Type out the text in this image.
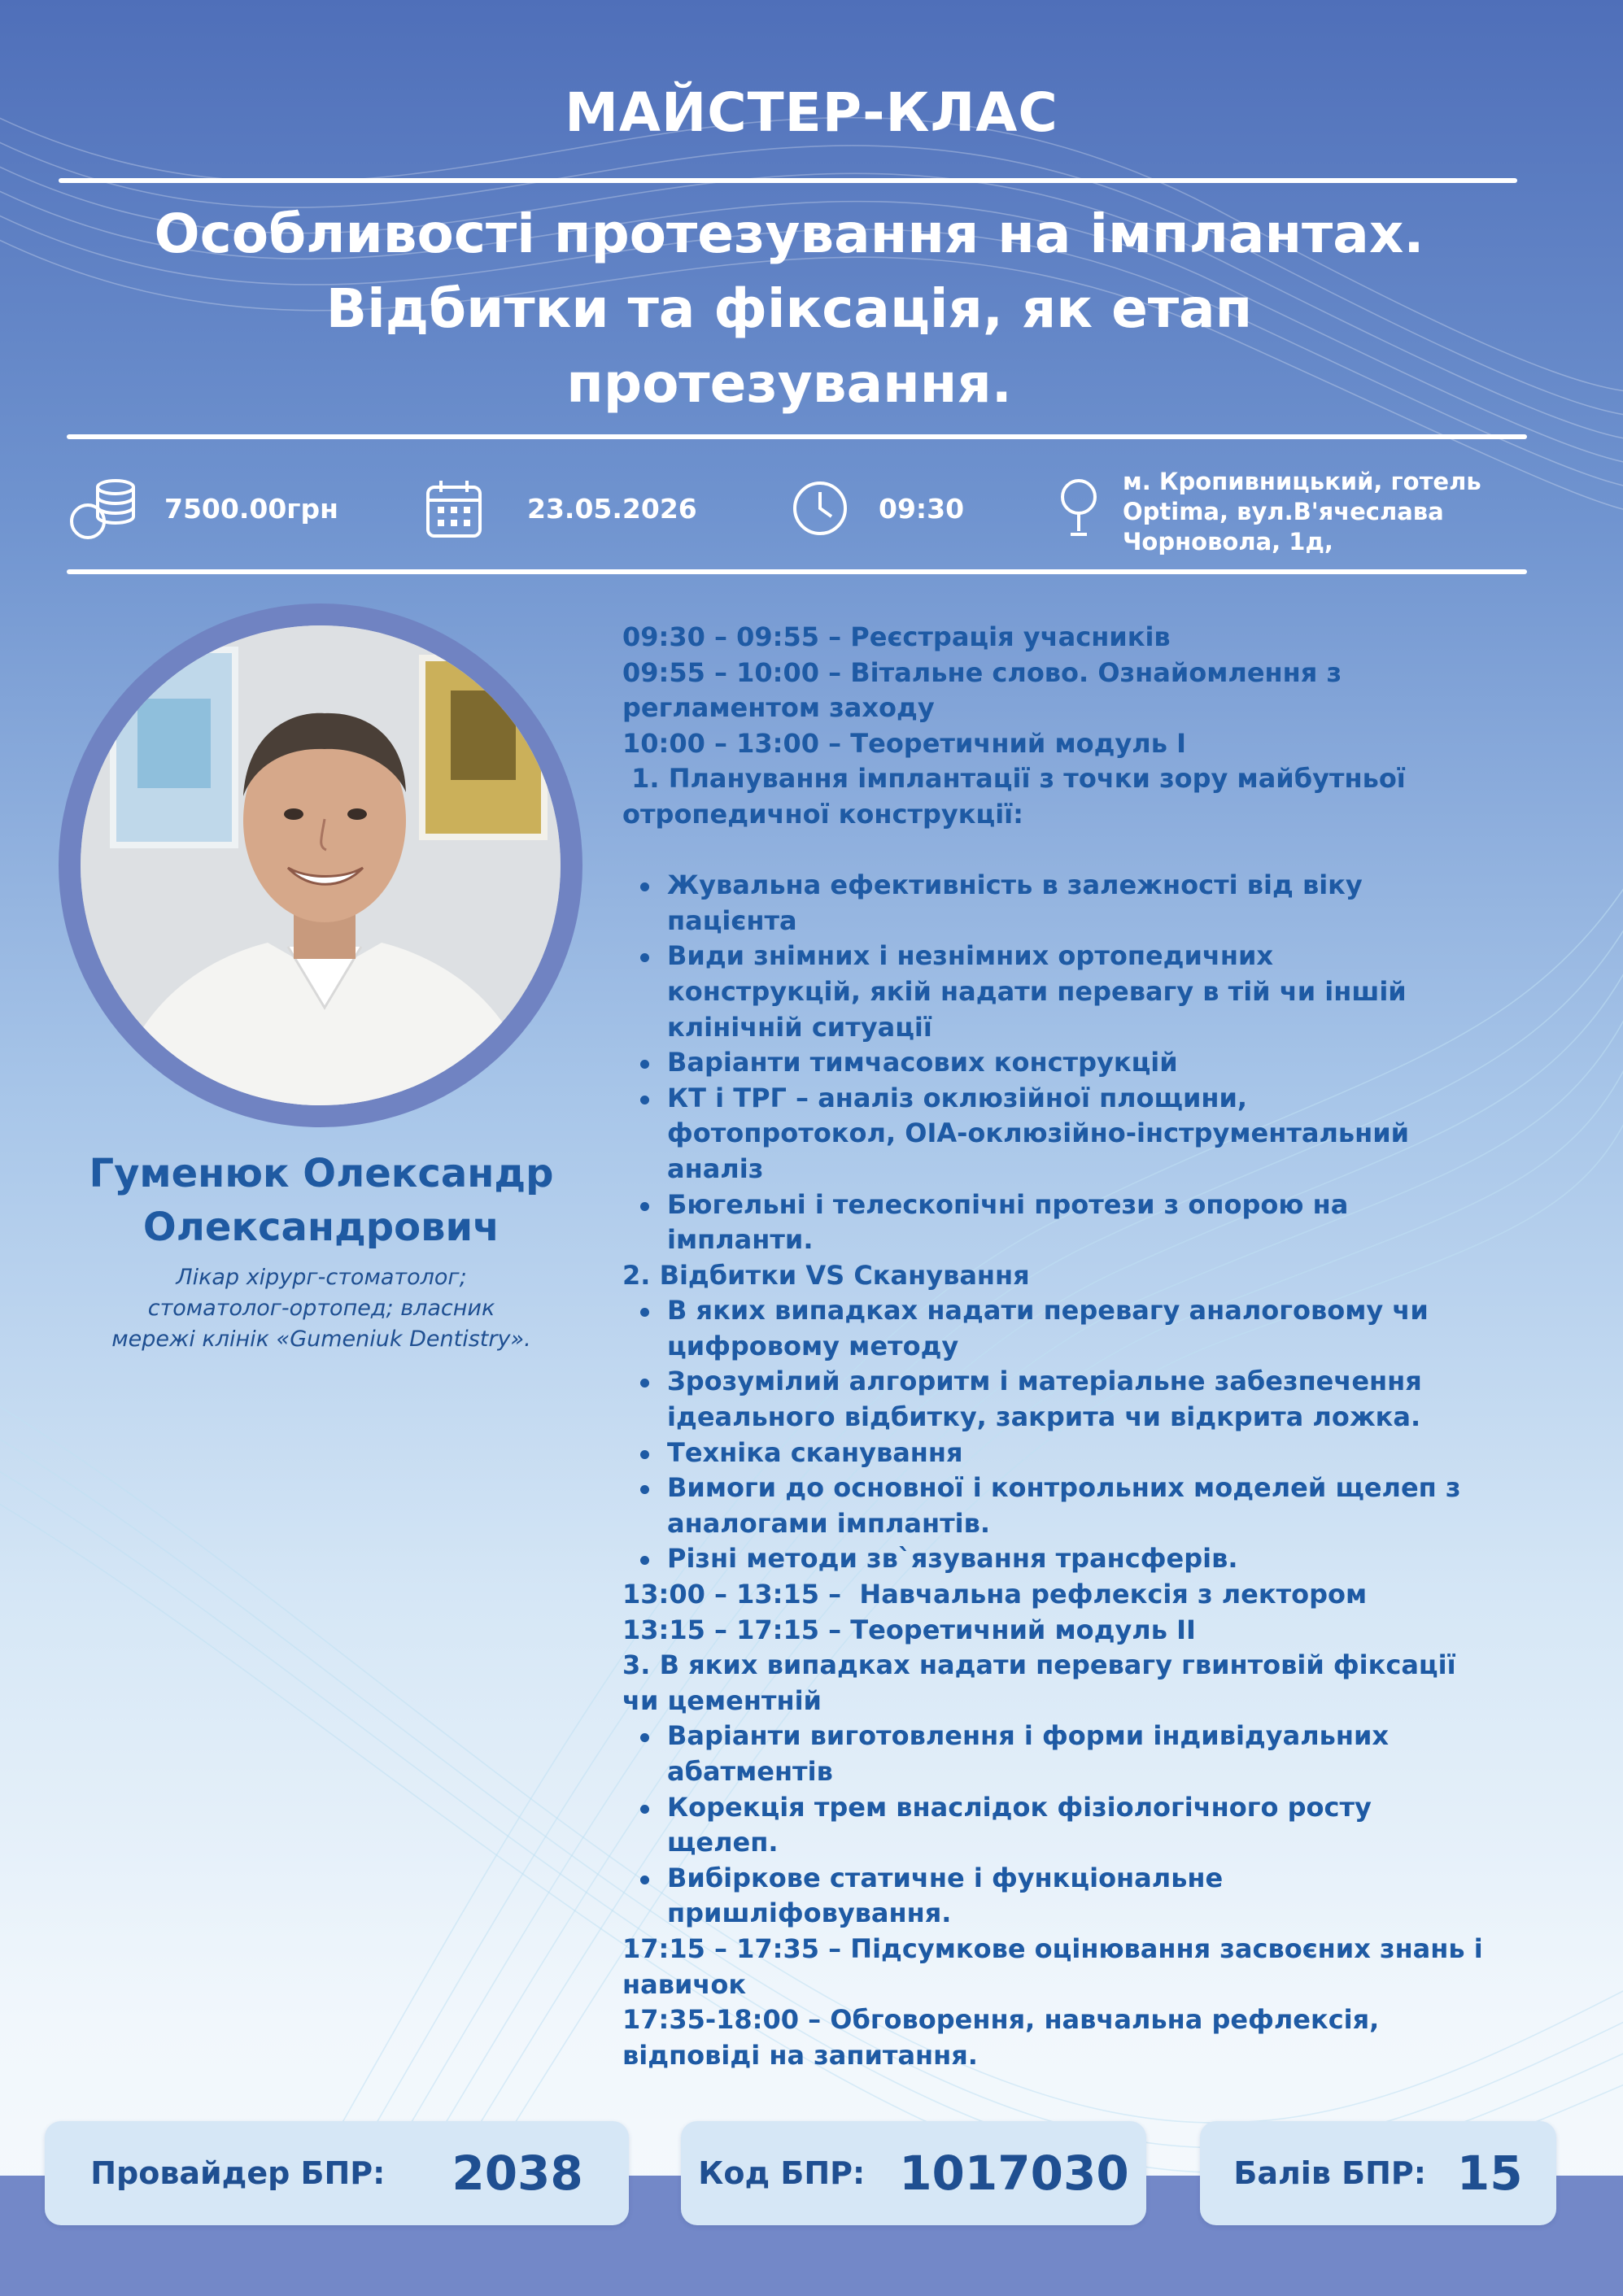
МАЙСТЕР-КЛАС
Особливості протезування на імплантах.
Відбитки та фіксація, як етап
протезування.
7500.00грн	23.05.2026	09:30
м. Кропивницький, готель
Optima, вул.В'ячеслава
Чорновола, 1д,
Гуменюк Олександр
Олександрович
Лікар хірург-стоматолог;
стоматолог-ортопед; власник
мережі клінік «Gumeniuk Dentistry».
09:30 – 09:55 – Реєстрація учасників
09:55 – 10:00 – Вітальне слово. Ознайомлення з
регламентом заходу
10:00 – 13:00 – Теоретичний модуль I
1. Планування імплантації з точки зору майбутньої
отропедичної конструкції:
Жувальна ефективність в залежності від віку
пацієнта
Види знімних і незнімних ортопедичних
конструкцій, якій надати перевагу в тій чи іншій
клінічній ситуації
Варіанти тимчасових конструкцій
КТ і ТРГ – аналіз оклюзійної площини,
фотопротокол, ОІА-оклюзійно-інструментальний
аналіз
Бюгельні і телескопічні протези з опорою на
імпланти.
2. Відбитки VS Сканування
В яких випадках надати перевагу аналоговому чи
цифровому методу
Зрозумілий алгоритм і матеріальне забезпечення
ідеального відбитку, закрита чи відкрита ложка.
Техніка сканування
Вимоги до основної і контрольних моделей щелеп з
аналогами імплантів.
Різні методи зв`язування трансферів.
13:00 – 13:15 –  Навчальна рефлексія з лектором
13:15 – 17:15 – Теоретичний модуль II
3. В яких випадках надати перевагу гвинтовій фіксації
чи цементній
Варіанти виготовлення і форми індивідуальних
абатментів
Корекція трем внаслідок фізіологічного росту
щелеп.
Вибіркове статичне і функціональне
пришліфовування.
17:15 – 17:35 – Підсумкове оцінювання засвоєних знань і
навичок
17:35-18:00 – Обговорення, навчальна рефлексія,
відповіді на запитання.
Провайдер БПР: 2038	Код БПР: 1017030	Балів БПР: 15
